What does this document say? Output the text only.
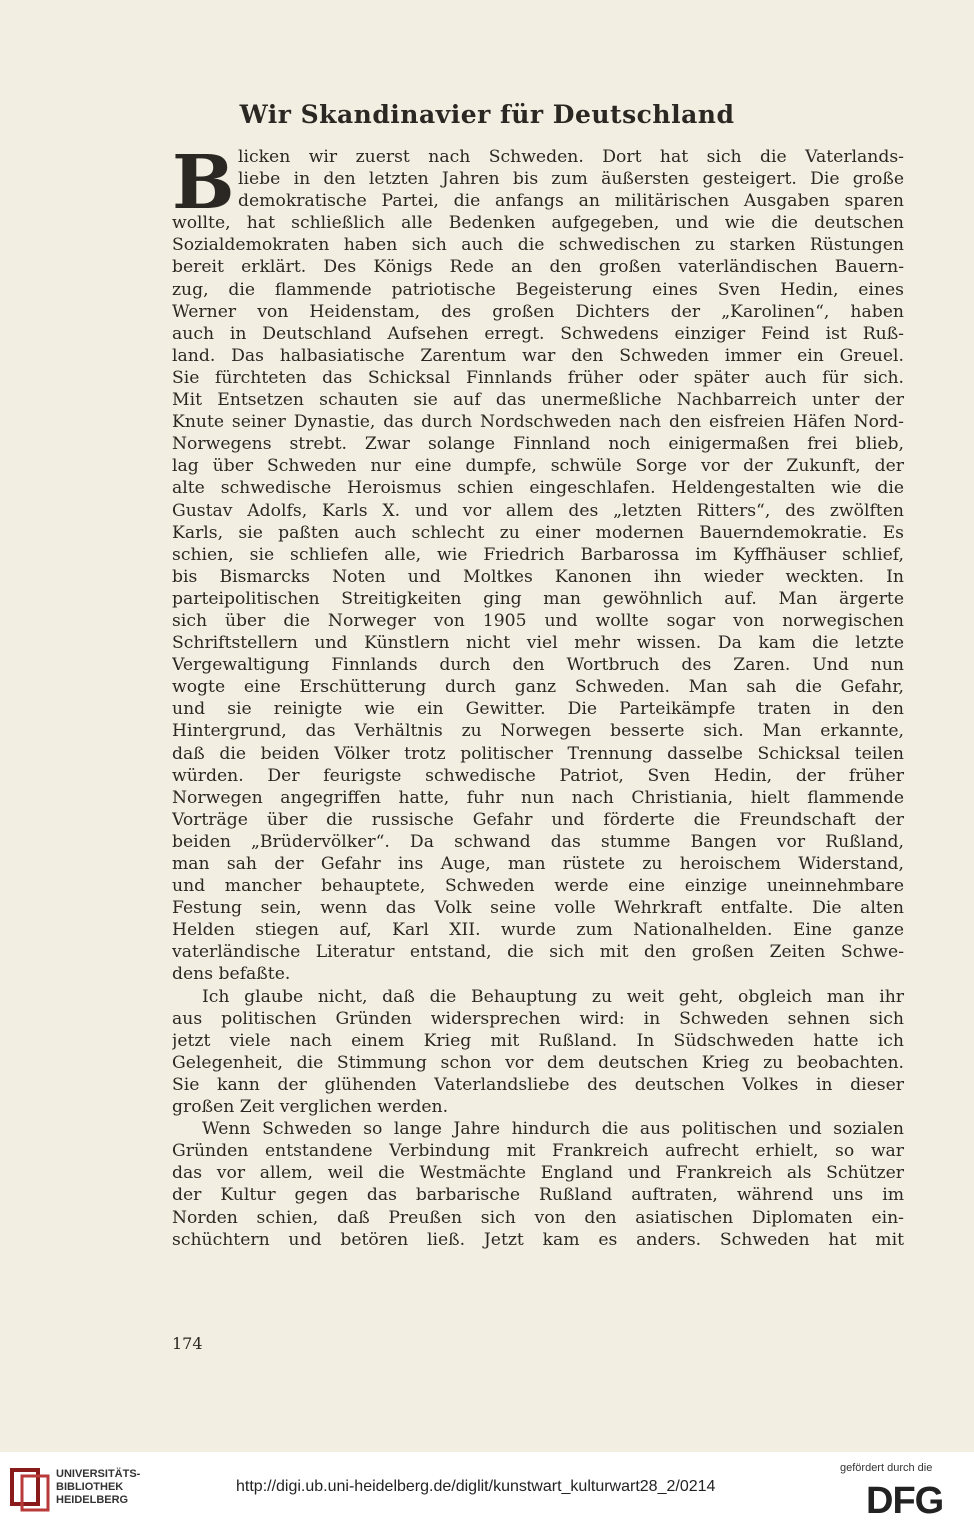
Wir Skandinavier für Deutschland
B licken wir zuerst nach Schweden. Dort hat sich die Vaterlands-
liebe in den letzten Jahren bis zum äußersten gesteigert. Die große
demokratische Partei, die anfangs an militärischen Ausgaben sparen
wollte, hat schließlich alle Bedenken aufgegeben, und wie die deutschen
Sozialdemokraten haben sich auch die schwedischen zu starken Rüstungen
bereit erklärt. Des Königs Rede an den großen vaterländischen Bauern-
zug, die flammende patriotische Begeisterung eines Sven Hedin, eines
Werner von Heidenstam, des großen Dichters der „Karolinen“, haben
auch in Deutschland Aufsehen erregt. Schwedens einziger Feind ist Ruß-
land. Das halbasiatische Zarentum war den Schweden immer ein Greuel.
Sie fürchteten das Schicksal Finnlands früher oder später auch für sich.
Mit Entsetzen schauten sie auf das unermeßliche Nachbarreich unter der
Knute seiner Dynastie, das durch Nordschweden nach den eisfreien Häfen Nord-
Norwegens strebt. Zwar solange Finnland noch einigermaßen frei blieb,
lag über Schweden nur eine dumpfe, schwüle Sorge vor der Zukunft, der
alte schwedische Heroismus schien eingeschlafen. Heldengestalten wie die
Gustav Adolfs, Karls X. und vor allem des „letzten Ritters“, des zwölften
Karls, sie paßten auch schlecht zu einer modernen Bauerndemokratie. Es
schien, sie schliefen alle, wie Friedrich Barbarossa im Kyffhäuser schlief,
bis Bismarcks Noten und Moltkes Kanonen ihn wieder weckten. In
parteipolitischen Streitigkeiten ging man gewöhnlich auf. Man ärgerte
sich über die Norweger von 1905 und wollte sogar von norwegischen
Schriftstellern und Künstlern nicht viel mehr wissen. Da kam die letzte
Vergewaltigung Finnlands durch den Wortbruch des Zaren. Und nun
wogte eine Erschütterung durch ganz Schweden. Man sah die Gefahr,
und sie reinigte wie ein Gewitter. Die Parteikämpfe traten in den
Hintergrund, das Verhältnis zu Norwegen besserte sich. Man erkannte,
daß die beiden Völker trotz politischer Trennung dasselbe Schicksal teilen
würden. Der feurigste schwedische Patriot, Sven Hedin, der früher
Norwegen angegriffen hatte, fuhr nun nach Christiania, hielt flammende
Vorträge über die russische Gefahr und förderte die Freundschaft der
beiden „Brüdervölker“. Da schwand das stumme Bangen vor Rußland,
man sah der Gefahr ins Auge, man rüstete zu heroischem Widerstand,
und mancher behauptete, Schweden werde eine einzige uneinnehmbare
Festung sein, wenn das Volk seine volle Wehrkraft entfalte. Die alten
Helden stiegen auf, Karl XII. wurde zum Nationalhelden. Eine ganze
vaterländische Literatur entstand, die sich mit den großen Zeiten Schwe-
dens befaßte.
Ich glaube nicht, daß die Behauptung zu weit geht, obgleich man ihr
aus politischen Gründen widersprechen wird: in Schweden sehnen sich
jetzt viele nach einem Krieg mit Rußland. In Südschweden hatte ich
Gelegenheit, die Stimmung schon vor dem deutschen Krieg zu beobachten.
Sie kann der glühenden Vaterlandsliebe des deutschen Volkes in dieser
großen Zeit verglichen werden.
Wenn Schweden so lange Jahre hindurch die aus politischen und sozialen
Gründen entstandene Verbindung mit Frankreich aufrecht erhielt, so war
das vor allem, weil die Westmächte England und Frankreich als Schützer
der Kultur gegen das barbarische Rußland auftraten, während uns im
Norden schien, daß Preußen sich von den asiatischen Diplomaten ein-
schüchtern und betören ließ. Jetzt kam es anders. Schweden hat mit
174
UNIVERSITÄTS-
BIBLIOTHEK
HEIDELBERG
http://digi.ub.uni-heidelberg.de/diglit/kunstwart_kulturwart28_2/0214
gefördert durch die
DFG
